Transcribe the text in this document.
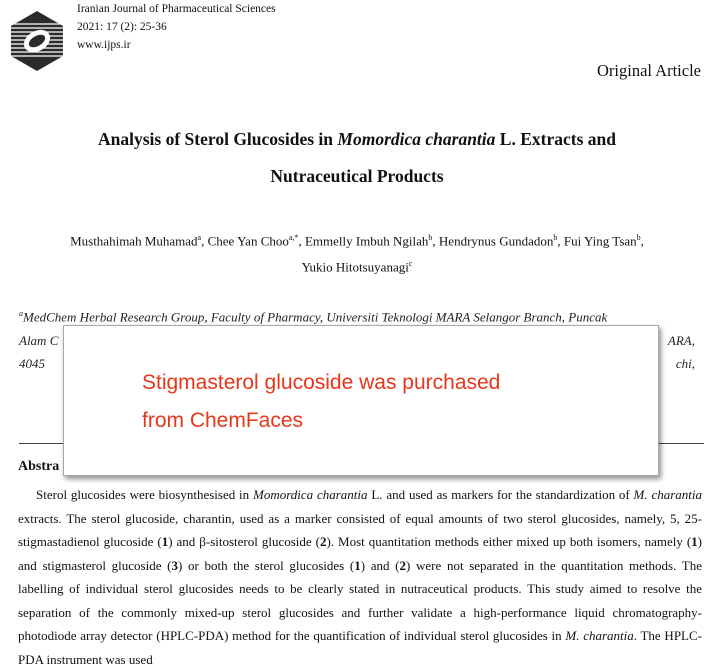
Iranian Journal of Pharmaceutical Sciences
2021: 17 (2): 25-36
www.ijps.ir
Original Article
Analysis of Sterol Glucosides in Momordica charantia L. Extracts and
Nutraceutical Products
Musthahimah Muhamad$^a$, Chee Yan Choo$^{a,*}$, Emmelly Imbuh Ngilah$^b$, Hendrynus Gundadon$^b$, Fui Ying Tsan$^b$,
Yukio Hitotsuyanagi$^c$
$^a$MedChem Herbal Research Group, Faculty of Pharmacy, Universiti Teknologi MARA Selangor Branch, Puncak
Alam C	ARA,
4045	chi,
Abstra
Sterol glucosides were biosynthesised in Momordica charantia L. and used as markers for the standardization of M. charantia extracts. The sterol glucoside, charantin, used as a marker consisted of equal amounts of two sterol glucosides, namely, 5, 25-stigmastadienol glucoside (1) and β-sitosterol glucoside (2). Most quantitation methods either mixed up both isomers, namely (1) and stigmasterol glucoside (3) or both the sterol glucosides (1) and (2) were not separated in the quantitation methods. The labelling of individual sterol glucosides needs to be clearly stated in nutraceutical products. This study aimed to resolve the separation of the commonly mixed-up sterol glucosides and further validate a high-performance liquid chromatography-photodiode array detector (HPLC-PDA) method for the quantification of individual sterol glucosides in M. charantia. The HPLC-PDA instrument was used
Stigmasterol glucoside was purchased
from ChemFaces
